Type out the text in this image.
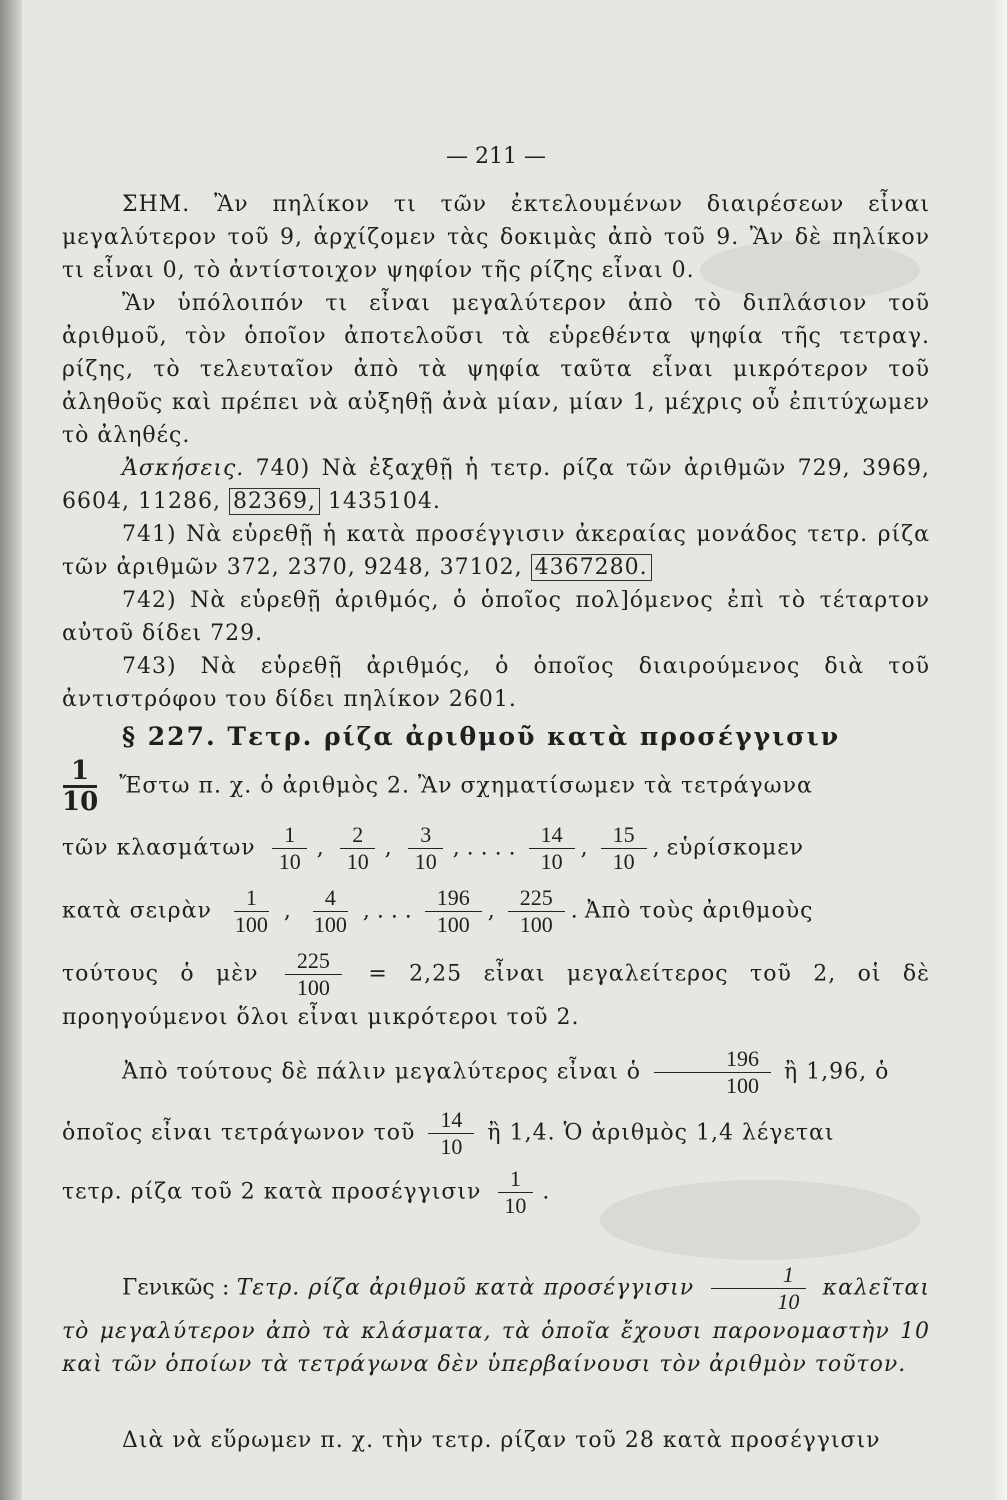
— 211 —

ΣΗΜ. Ἂν πηλίκον τι τῶν ἐκτελουμένων διαιρέσεων εἶναι μεγαλύτερον τοῦ 9, ἀρχίζομεν τὰς δοκιμὰς ἀπὸ τοῦ 9. Ἂν δὲ πηλίκον τι εἶναι 0, τὸ ἀντίστοιχον ψηφίον τῆς ρίζης εἶναι 0.

Ἂν ὑπόλοιπόν τι εἶναι μεγαλύτερον ἀπὸ τὸ διπλάσιον τοῦ ἀριθμοῦ, τὸν ὁποῖον ἀποτελοῦσι τὰ εὑρεθέντα ψηφία τῆς τετραγ. ρίζης, τὸ τελευταῖον ἀπὸ τὰ ψηφία ταῦτα εἶναι μικρότερον τοῦ ἀληθοῦς καὶ πρέπει νὰ αὐξηθῇ ἀνὰ μίαν, μίαν 1, μέχρις οὗ ἐπιτύχωμεν τὸ ἀληθές.

Ἀσκήσεις. 740) Νὰ ἐξαχθῇ ἡ τετρ. ρίζα τῶν ἀριθμῶν 729, 3969, 6604, 11286, 82369, 1435104.

741) Νὰ εὑρεθῇ ἡ κατὰ προσέγγισιν ἀκεραίας μονάδος τετρ. ρίζα τῶν ἀριθμῶν 372, 2370, 9248, 37102, 4367280.

742) Νὰ εὑρεθῇ ἀριθμός, ὁ ὁποῖος πολ]όμενος ἐπὶ τὸ τέταρτον αὐτοῦ δίδει 729.

743) Νὰ εὑρεθῇ ἀριθμός, ὁ ὁποῖος διαιρούμενος διὰ τοῦ ἀντιστρόφου του δίδει πηλίκον 2601.

§ 227. Τετρ. ρίζα ἀριθμοῦ κατὰ προσέγγισιν

$\frac{1}{10}$ Ἔστω π. χ. ὁ ἀριθμὸς 2. Ἂν σχηματίσωμεν τὰ τετράγωνα

τῶν κλασμάτων $\frac{1}{10}$ , $\frac{2}{10}$ , $\frac{3}{10}$ , . . . . $\frac{14}{10}$ , $\frac{15}{10}$ , εὑρίσκομεν

κατὰ σειρὰν $\frac{1}{100}$ , $\frac{4}{100}$ , . . . $\frac{196}{100}$ , $\frac{225}{100}$ . Ἀπὸ τοὺς ἀριθμοὺς

τούτους ὁ μὲν $\frac{225}{100} = 2,25$ εἶναι μεγαλείτερος τοῦ 2, οἱ δὲ προηγούμενοι ὅλοι εἶναι μικρότεροι τοῦ 2.

Ἀπὸ τούτους δὲ πάλιν μεγαλύτερος εἶναι ὁ $\frac{196}{100}$ ἢ 1,96, ὁ

ὁποῖος εἶναι τετράγωνον τοῦ $\frac{14}{10}$ ἢ 1,4. Ὁ ἀριθμὸς 1,4 λέγεται

τετρ. ρίζα τοῦ 2 κατὰ προσέγγισιν $\frac{1}{10}$ .

Γενικῶς : Τετρ. ρίζα ἀριθμοῦ κατὰ προσέγγισιν $\frac{1}{10}$ καλεῖται τὸ μεγαλύτερον ἀπὸ τὰ κλάσματα, τὰ ὁποῖα ἔχουσι παρονομαστὴν 10 καὶ τῶν ὁποίων τὰ τετράγωνα δὲν ὑπερβαίνουσι τὸν ἀριθμὸν τοῦτον.

Διὰ νὰ εὕρωμεν π. χ. τὴν τετρ. ρίζαν τοῦ 28 κατὰ προσέγγισιν
